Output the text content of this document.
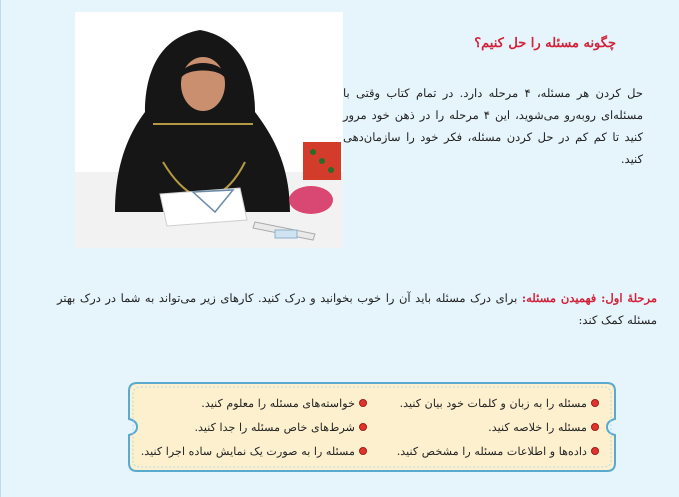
چگونه مسئله را حل کنیم؟
حل کردن هر مسئله، ۴ مرحله دارد. در تمام کتاب وقتی با مسئله‌ای روبه‌رو می‌شوید، این ۴ مرحله را در ذهن خود مرور کنید تا کم کم در حل کردن مسئله، فکر خود را سازمان‌دهی کنید.
مرحلهٔ اول: فهمیدن مسئله: برای درک مسئله باید آن را خوب بخوانید و درک کنید. کارهای زیر می‌تواند به شما در درک بهتر مسئله کمک کند:
مسئله را به زبان و کلمات خود بیان کنید.
خواسته‌های مسئله را معلوم کنید.
مسئله را خلاصه کنید.
شرط‌های خاص مسئله را جدا کنید.
داده‌ها و اطلاعات مسئله را مشخص کنید.
مسئله را به صورت یک نمایش ساده اجرا کنید.
